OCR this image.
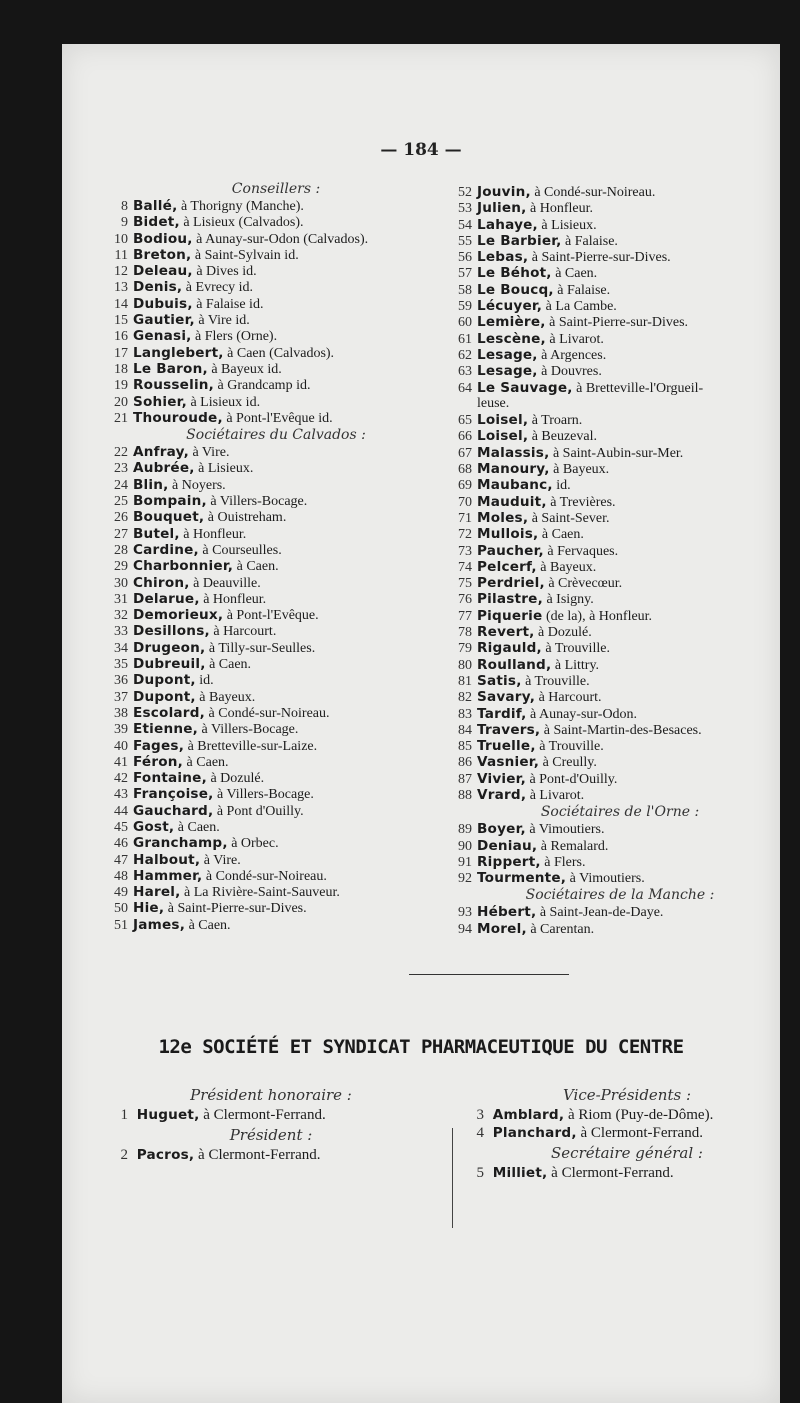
— 184 —
Conseillers :
8 Ballé, à Thorigny (Manche).
9 Bidet, à Lisieux (Calvados).
10 Bodiou, à Aunay-sur-Odon (Calvados).
11 Breton, à Saint-Sylvain id.
12 Deleau, à Dives id.
13 Denis, à Evrecy id.
14 Dubuis, à Falaise id.
15 Gautier, à Vire id.
16 Genasi, à Flers (Orne).
17 Langlebert, à Caen (Calvados).
18 Le Baron, à Bayeux id.
19 Rousselin, à Grandcamp id.
20 Sohier, à Lisieux id.
21 Thouroude, à Pont-l'Evêque id.
Sociétaires du Calvados :
22 Anfray, à Vire.
23 Aubrée, à Lisieux.
24 Blin, à Noyers.
25 Bompain, à Villers-Bocage.
26 Bouquet, à Ouistreham.
27 Butel, à Honfleur.
28 Cardine, à Courseulles.
29 Charbonnier, à Caen.
30 Chiron, à Deauville.
31 Delarue, à Honfleur.
32 Demorieux, à Pont-l'Evêque.
33 Desillons, à Harcourt.
34 Drugeon, à Tilly-sur-Seulles.
35 Dubreuil, à Caen.
36 Dupont, id.
37 Dupont, à Bayeux.
38 Escolard, à Condé-sur-Noireau.
39 Etienne, à Villers-Bocage.
40 Fages, à Bretteville-sur-Laize.
41 Féron, à Caen.
42 Fontaine, à Dozulé.
43 Françoise, à Villers-Bocage.
44 Gauchard, à Pont d'Ouilly.
45 Gost, à Caen.
46 Granchamp, à Orbec.
47 Halbout, à Vire.
48 Hammer, à Condé-sur-Noireau.
49 Harel, à La Rivière-Saint-Sauveur.
50 Hie, à Saint-Pierre-sur-Dives.
51 James, à Caen.
52 Jouvin, à Condé-sur-Noireau.
53 Julien, à Honfleur.
54 Lahaye, à Lisieux.
55 Le Barbier, à Falaise.
56 Lebas, à Saint-Pierre-sur-Dives.
57 Le Béhot, à Caen.
58 Le Boucq, à Falaise.
59 Lécuyer, à La Cambe.
60 Lemière, à Saint-Pierre-sur-Dives.
61 Lescène, à Livarot.
62 Lesage, à Argences.
63 Lesage, à Douvres.
64 Le Sauvage, à Bretteville-l'Orgueil-
leuse.
65 Loisel, à Troarn.
66 Loisel, à Beuzeval.
67 Malassis, à Saint-Aubin-sur-Mer.
68 Manoury, à Bayeux.
69 Maubanc, id.
70 Mauduit, à Trevières.
71 Moles, à Saint-Sever.
72 Mullois, à Caen.
73 Paucher, à Fervaques.
74 Pelcerf, à Bayeux.
75 Perdriel, à Crèvecœur.
76 Pilastre, à Isigny.
77 Piquerie (de la), à Honfleur.
78 Revert, à Dozulé.
79 Rigauld, à Trouville.
80 Roulland, à Littry.
81 Satis, à Trouville.
82 Savary, à Harcourt.
83 Tardif, à Aunay-sur-Odon.
84 Travers, à Saint-Martin-des-Besaces.
85 Truelle, à Trouville.
86 Vasnier, à Creully.
87 Vivier, à Pont-d'Ouilly.
88 Vrard, à Livarot.
Sociétaires de l'Orne :
89 Boyer, à Vimoutiers.
90 Deniau, à Remalard.
91 Rippert, à Flers.
92 Tourmente, à Vimoutiers.
Sociétaires de la Manche :
93 Hébert, à Saint-Jean-de-Daye.
94 Morel, à Carentan.
12e SOCIÉTÉ ET SYNDICAT PHARMACEUTIQUE DU CENTRE
Président honoraire :
1 Huguet, à Clermont-Ferrand.
Président :
2 Pacros, à Clermont-Ferrand.
Vice-Présidents :
3 Amblard, à Riom (Puy-de-Dôme).
4 Planchard, à Clermont-Ferrand.
Secrétaire général :
5 Milliet, à Clermont-Ferrand.
